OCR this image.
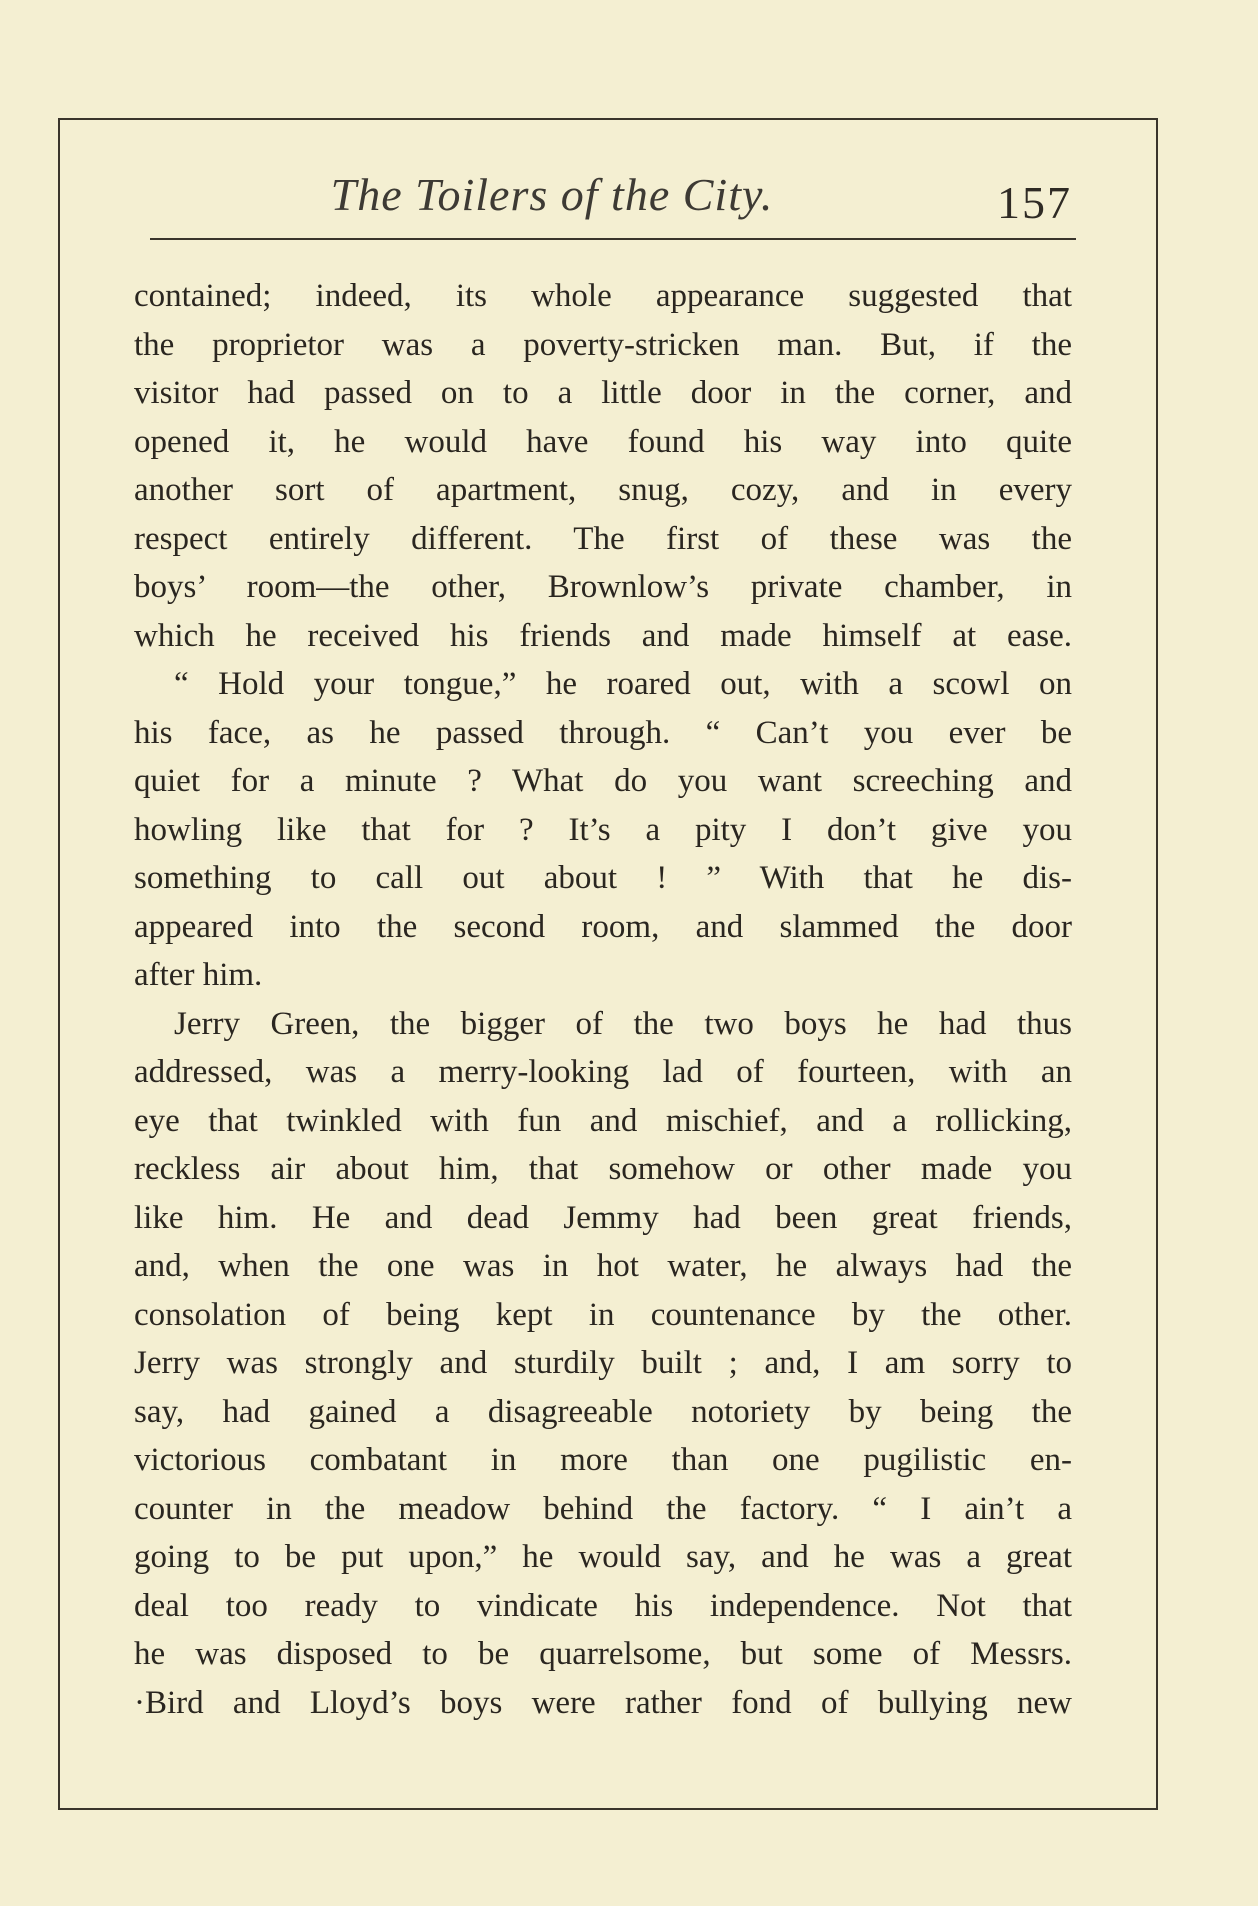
The Toilers of the City.	157
contained; indeed, its whole appearance suggested that
the proprietor was a poverty-stricken man. But, if the
visitor had passed on to a little door in the corner, and
opened it, he would have found his way into quite
another sort of apartment, snug, cozy, and in every
respect entirely different. The first of these was the
boys’ room—the other, Brownlow’s private chamber, in
which he received his friends and made himself at ease.
“ Hold your tongue,” he roared out, with a scowl on
his face, as he passed through. “ Can’t you ever be
quiet for a minute ? What do you want screeching and
howling like that for ? It’s a pity I don’t give you
something to call out about ! ” With that he dis-
appeared into the second room, and slammed the door
after him.
Jerry Green, the bigger of the two boys he had thus
addressed, was a merry-looking lad of fourteen, with an
eye that twinkled with fun and mischief, and a rollicking,
reckless air about him, that somehow or other made you
like him. He and dead Jemmy had been great friends,
and, when the one was in hot water, he always had the
consolation of being kept in countenance by the other.
Jerry was strongly and sturdily built ; and, I am sorry to
say, had gained a disagreeable notoriety by being the
victorious combatant in more than one pugilistic en-
counter in the meadow behind the factory. “ I ain’t a
going to be put upon,” he would say, and he was a great
deal too ready to vindicate his independence. Not that
he was disposed to be quarrelsome, but some of Messrs.
·Bird and Lloyd’s boys were rather fond of bullying new
